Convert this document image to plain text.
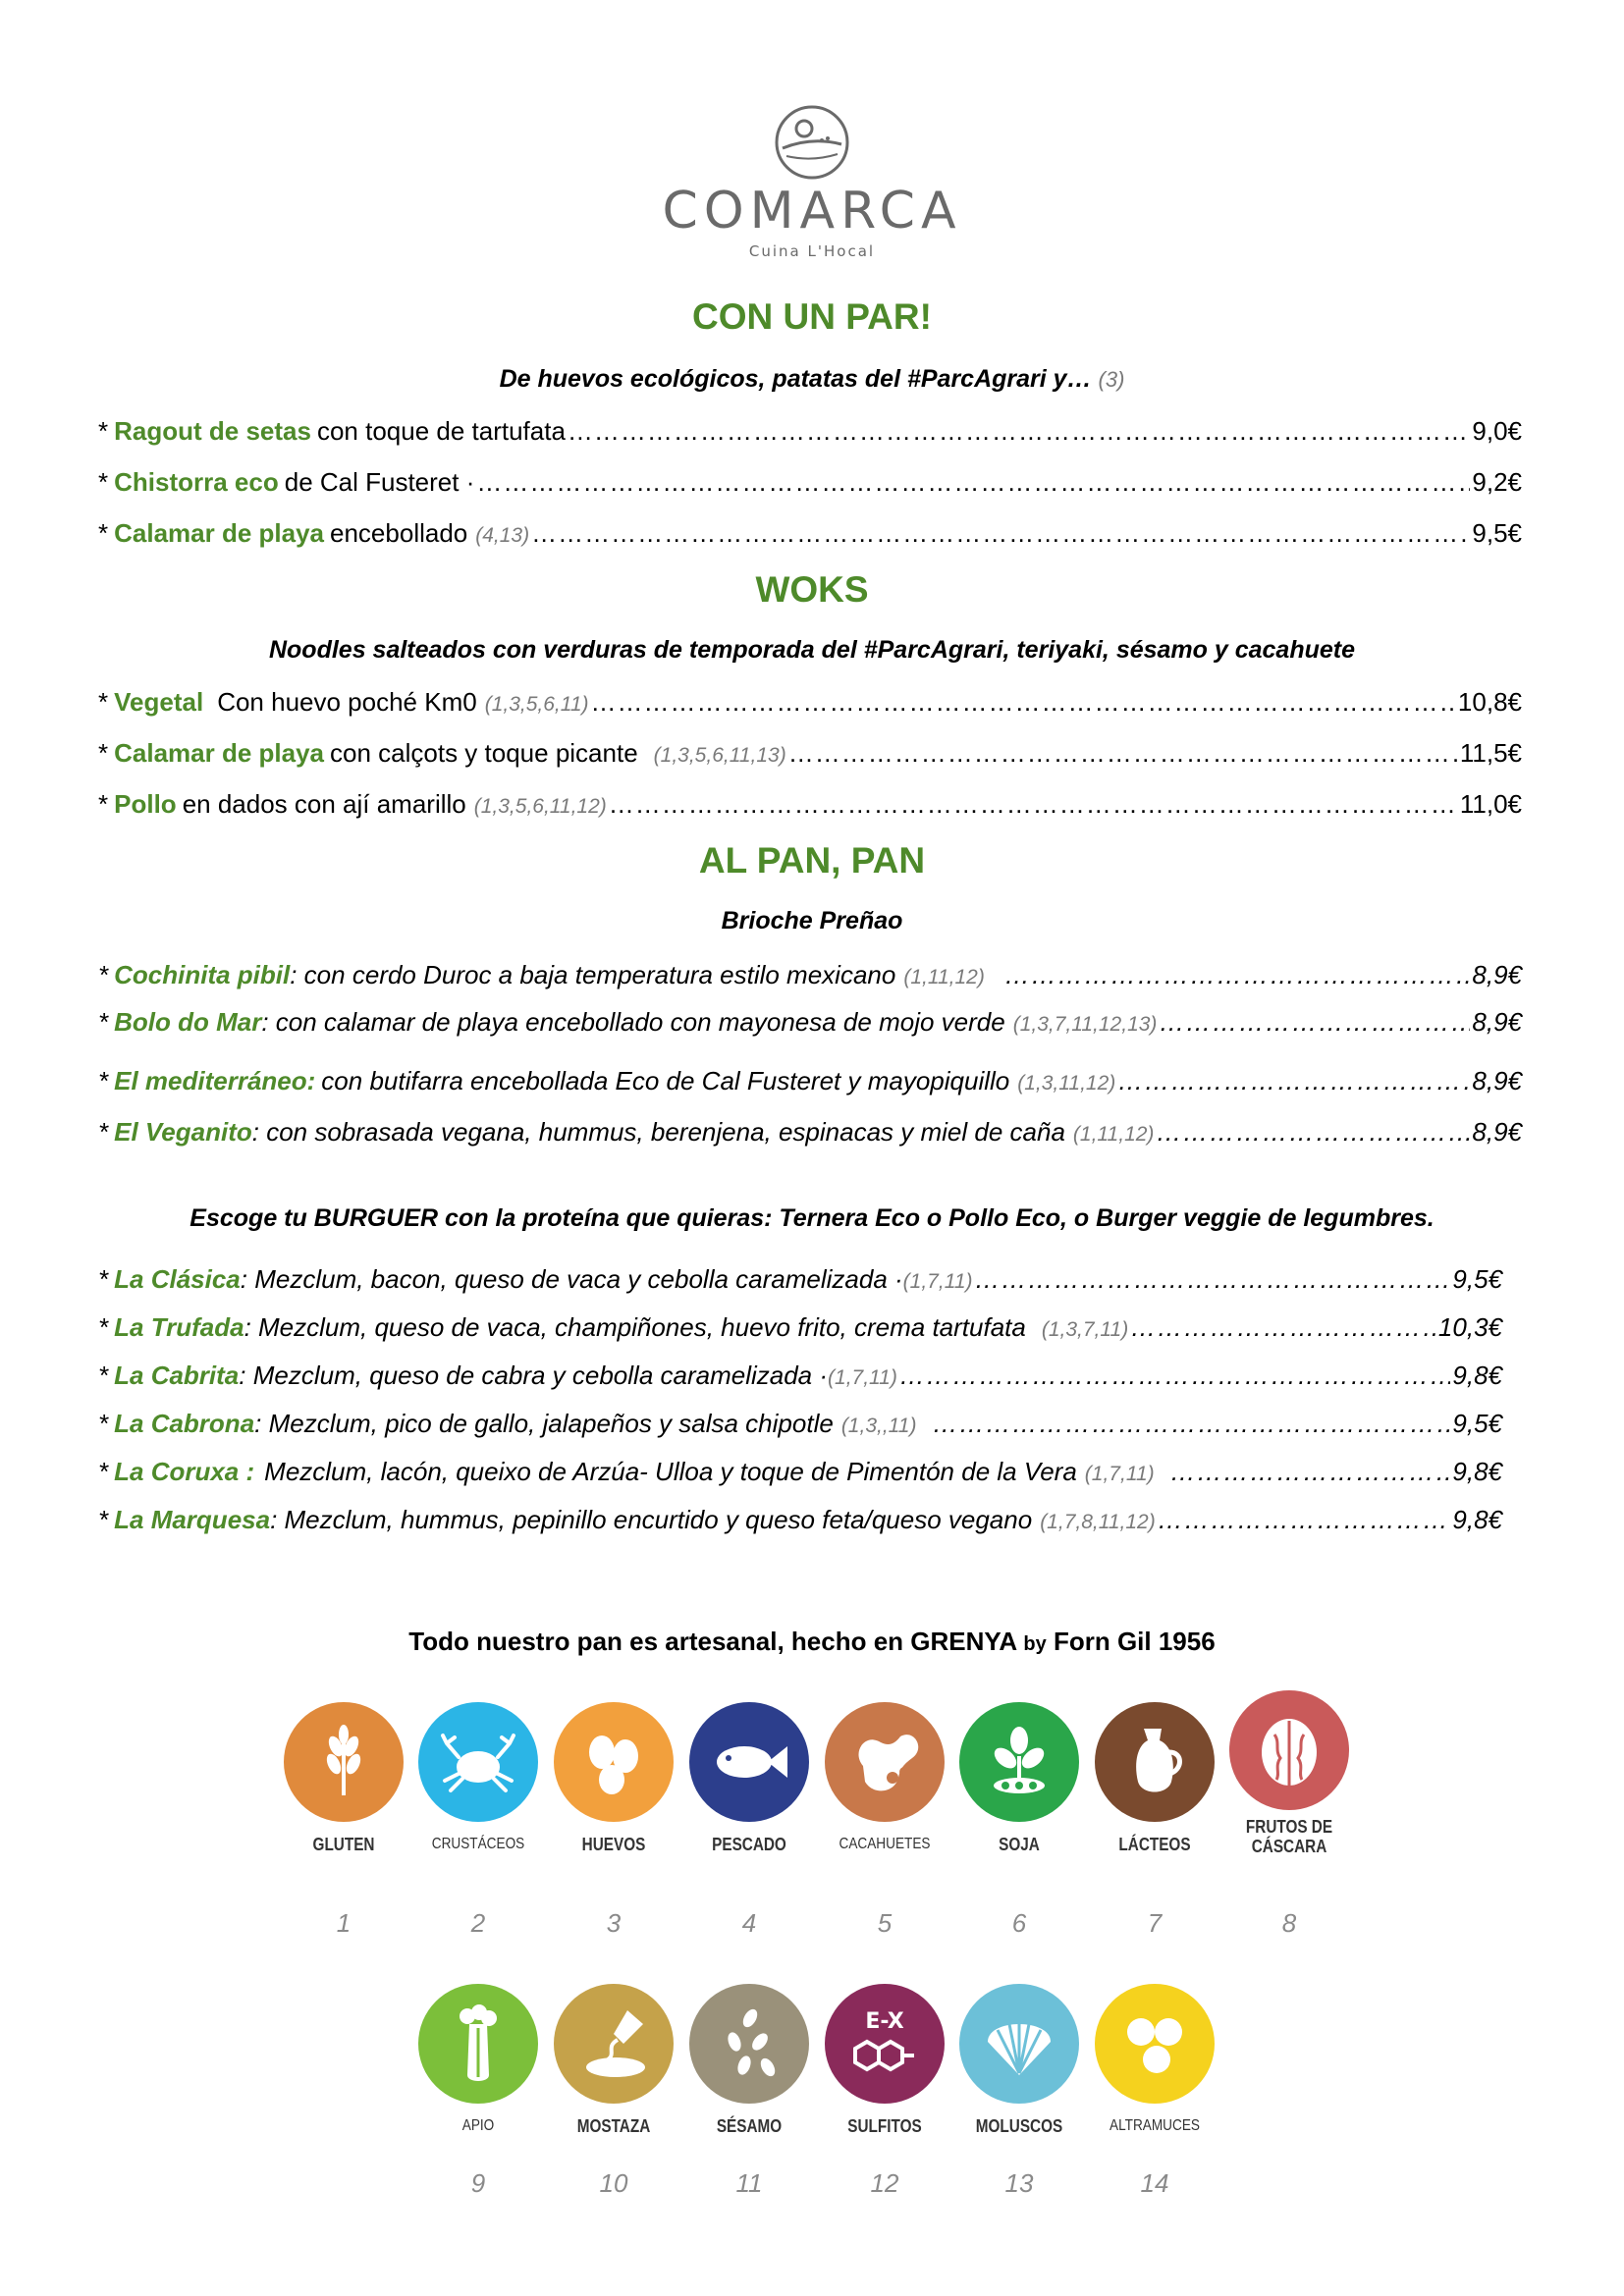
COMARCA
Cuina L'Hocal
CON UN PAR!
De huevos ecológicos, patatas del #ParcAgrari y… (3)
* Ragout de setas con toque de tartufata ……………………………………………………………………………………………………………………………………………………………………	9,0€
* Chistorra eco de Cal Fusteret · ……………………………………………………………………………………………………………………………………………………………………	9,2€
* Calamar de playa encebollado (4,13) ……………………………………………………………………………………………………………………………………………………………………	9,5€
WOKS
Noodles salteados con verduras de temporada del #ParcAgrari, teriyaki, sésamo y cacahuete
* Vegetal Con huevo poché Km0 (1,3,5,6,11) ……………………………………………………………………………………………………………………………………………………………………	10,8€
* Calamar de playa con calçots y toque picante (1,3,5,6,11,13) ……………………………………………………………………………………………………………………………………………………………………	11,5€
* Pollo en dados con ají amarillo (1,3,5,6,11,12) ……………………………………………………………………………………………………………………………………………………………………	11,0€
AL PAN, PAN
Brioche Preñao
* Cochinita pibil : con cerdo Duroc a baja temperatura estilo mexicano (1,11,12) ……………………………………………………………………………………………………………………………………………………………………	8,9€
* Bolo do Mar : con calamar de playa encebollado con mayonesa de mojo verde (1,3,7,11,12,13) ……………………………………………………………………………………………………………………………………………………………………	8,9€
* El mediterráneo: con butifarra encebollada Eco de Cal Fusteret y mayopiquillo (1,3,11,12) ……………………………………………………………………………………………………………………………………………………………………	8,9€
* El Veganito : con sobrasada vegana, hummus, berenjena, espinacas y miel de caña (1,11,12) ……………………………………………………………………………………………………………………………………………………………………	8,9€
Escoge tu BURGUER con la proteína que quieras: Ternera Eco o Pollo Eco, o Burger veggie de legumbres.
* La Clásica : Mezclum, bacon, queso de vaca y cebolla caramelizada · (1,7,11) ……………………………………………………………………………………………………………………………………………………………………	9,5€
* La Trufada : Mezclum, queso de vaca, champiñones, huevo frito, crema tartufata (1,3,7,11) ……………………………………………………………………………………………………………………………………………………………………	10,3€
* La Cabrita : Mezclum, queso de cabra y cebolla caramelizada · (1,7,11) ……………………………………………………………………………………………………………………………………………………………………	9,8€
* La Cabrona : Mezclum, pico de gallo, jalapeños y salsa chipotle (1,3,,11) ……………………………………………………………………………………………………………………………………………………………………	9,5€
* La Coruxa : Mezclum, lacón, queixo de Arzúa- Ulloa y toque de Pimentón de la Vera (1,7,11) ……………………………………………………………………………………………………………………………………………………………………	9,8€
* La Marquesa : Mezclum, hummus, pepinillo encurtido y queso feta/queso vegano (1,7,8,11,12) ……………………………………………………………………………………………………………………………………………………………………	9,8€
Todo nuestro pan es artesanal, hecho en GRENYA by Forn Gil 1956
GLUTEN
1
CRUSTÁCEOS
2
HUEVOS
3
PESCADO
4
CACAHUETES
5
SOJA
6
LÁCTEOS
7
FRUTOS DE CÁSCARA
8
APIO
9
MOSTAZA
10
SÉSAMO
11
E-X
SULFITOS
12
MOLUSCOS
13
ALTRAMUCES
14
